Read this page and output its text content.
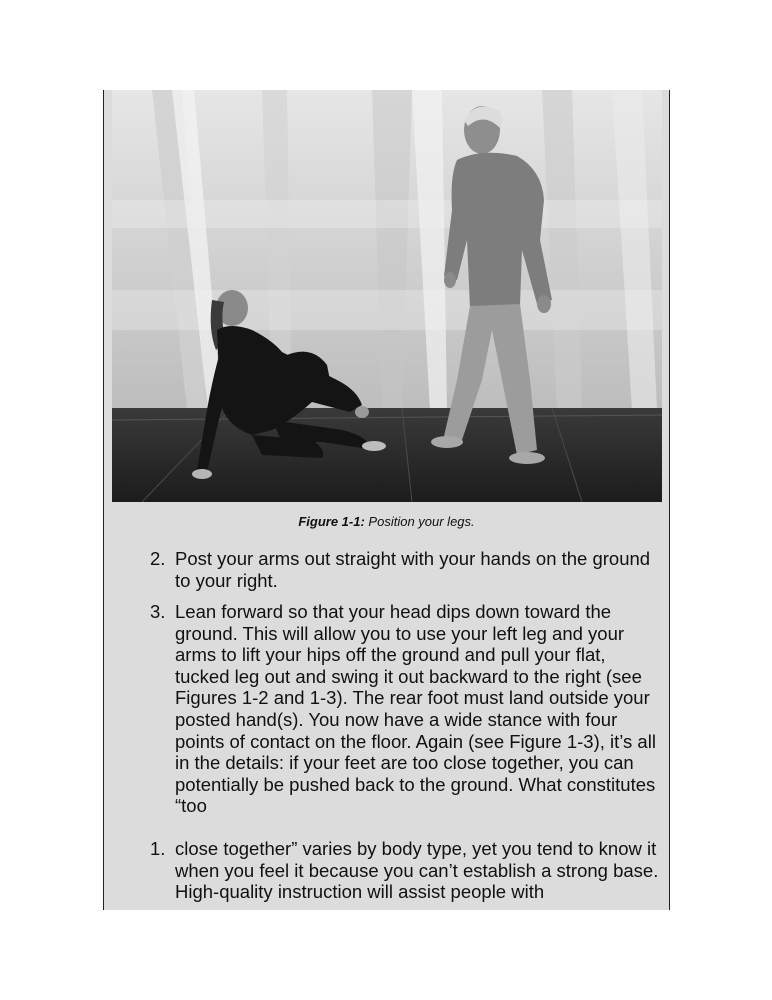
Figure 1-1: Position your legs.
2. Post your arms out straight with your hands on the ground to your right.
3. Lean forward so that your head dips down toward the ground. This will allow you to use your left leg and your arms to lift your hips off the ground and pull your flat, tucked leg out and swing it out backward to the right (see Figures 1-2 and 1-3). The rear foot must land outside your posted hand(s). You now have a wide stance with four points of contact on the floor. Again (see Figure 1-3), it’s all in the details: if your feet are too close together, you can potentially be pushed back to the ground. What constitutes “too
1. close together” varies by body type, yet you tend to know it when you feel it because you can’t establish a strong base. High-quality instruction will assist people with
